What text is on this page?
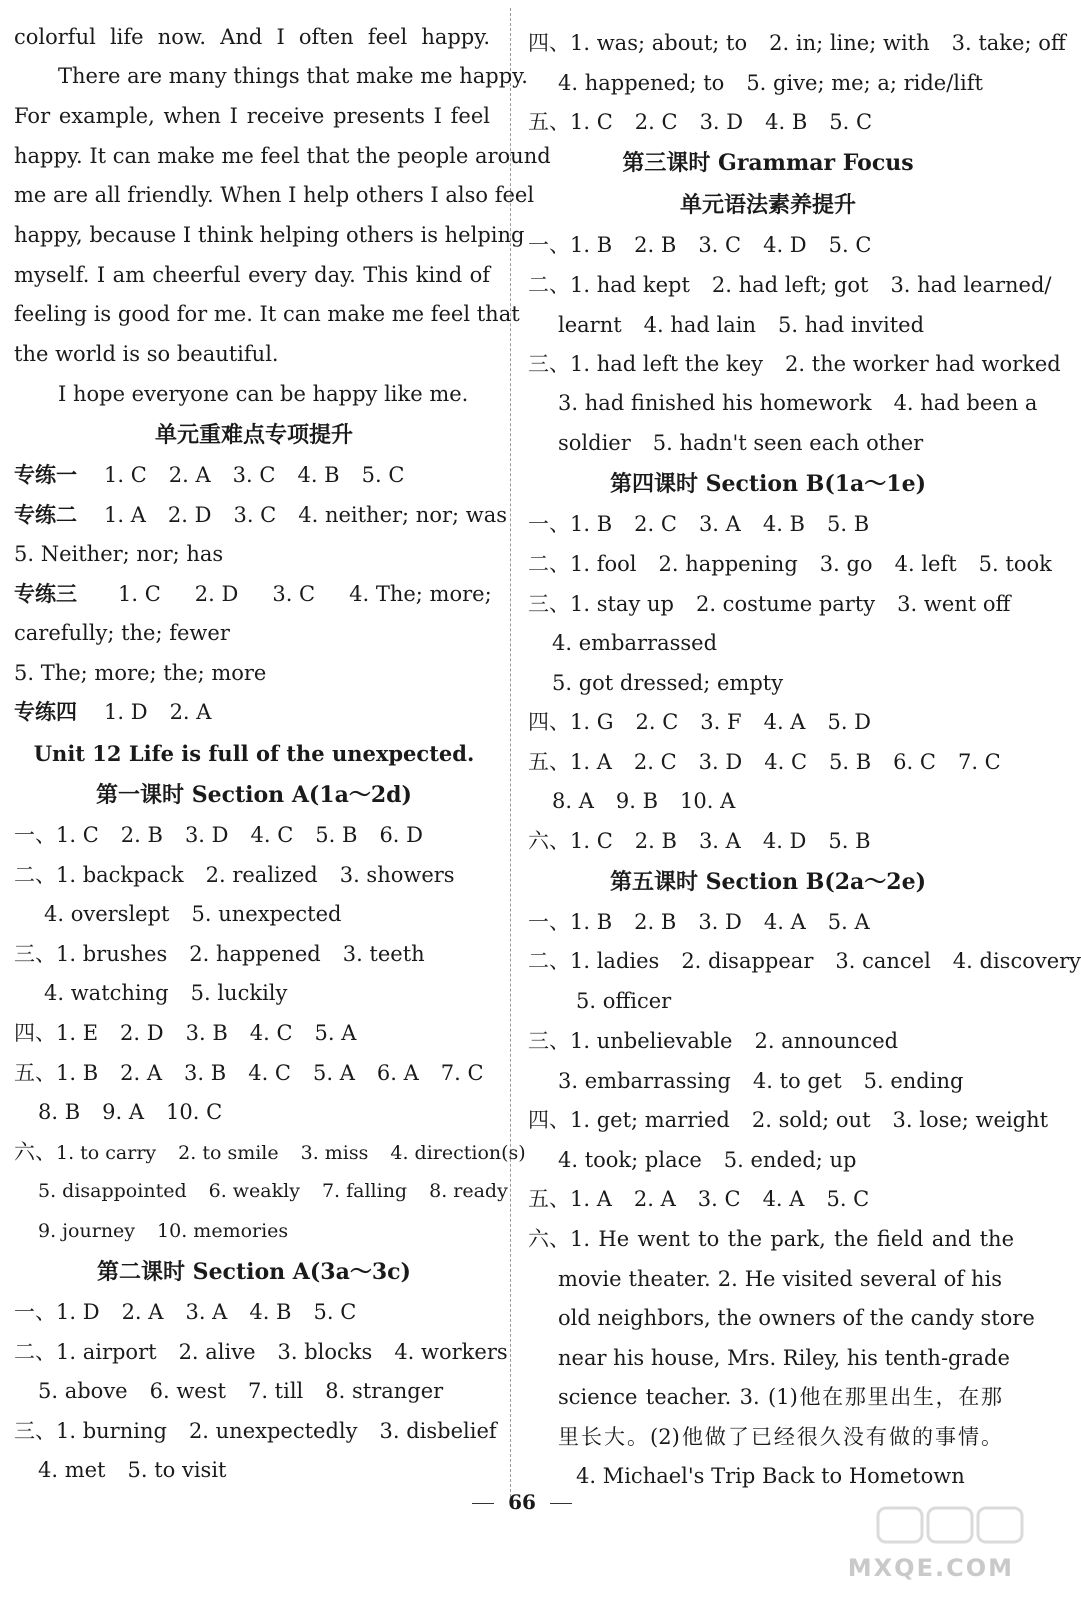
colorful life now. And I often feel happy.
There are many things that make me happy.
For example, when I receive presents I feel
happy. It can make me feel that the people around
me are all friendly. When I help others I also feel
happy, because I think helping others is helping
myself. I am cheerful every day. This kind of
feeling is good for me. It can make me feel that
the world is so beautiful.
I hope everyone can be happy like me.
单元重难点专项提升
专练一 1. C 2. A 3. C 4. B 5. C
专练二 1. A 2. D 3. C 4. neither; nor; was
5. Neither; nor; has
专练三 1. C 2. D 3. C 4. The; more;
carefully; the; fewer
5. The; more; the; more
专练四 1. D 2. A
Unit 12 Life is full of the unexpected.
第一课时 Section A(1a～2d)
一、1. C 2. B 3. D 4. C 5. B 6. D
二、1. backpack 2. realized 3. showers
4. overslept 5. unexpected
三、1. brushes 2. happened 3. teeth
4. watching 5. luckily
四、1. E 2. D 3. B 4. C 5. A
五、1. B 2. A 3. B 4. C 5. A 6. A 7. C
8. B 9. A 10. C
六、1. to carry 2. to smile 3. miss 4. direction(s)
5. disappointed 6. weakly 7. falling 8. ready
9. journey 10. memories
第二课时 Section A(3a～3c)
一、1. D 2. A 3. A 4. B 5. C
二、1. airport 2. alive 3. blocks 4. workers
5. above 6. west 7. till 8. stranger
三、1. burning 2. unexpectedly 3. disbelief
4. met 5. to visit
四、1. was; about; to 2. in; line; with 3. take; off
4. happened; to 5. give; me; a; ride/lift
五、1. C 2. C 3. D 4. B 5. C
第三课时 Grammar Focus
单元语法素养提升
一、1. B 2. B 3. C 4. D 5. C
二、1. had kept 2. had left; got 3. had learned/
learnt 4. had lain 5. had invited
三、1. had left the key 2. the worker had worked
3. had finished his homework 4. had been a
soldier 5. hadn't seen each other
第四课时 Section B(1a～1e)
一、1. B 2. C 3. A 4. B 5. B
二、1. fool 2. happening 3. go 4. left 5. took
三、1. stay up 2. costume party 3. went off
4. embarrassed
5. got dressed; empty
四、1. G 2. C 3. F 4. A 5. D
五、1. A 2. C 3. D 4. C 5. B 6. C 7. C
8. A 9. B 10. A
六、1. C 2. B 3. A 4. D 5. B
第五课时 Section B(2a～2e)
一、1. B 2. B 3. D 4. A 5. A
二、1. ladies 2. disappear 3. cancel 4. discovery
5. officer
三、1. unbelievable 2. announced
3. embarrassing 4. to get 5. ending
四、1. get; married 2. sold; out 3. lose; weight
4. took; place 5. ended; up
五、1. A 2. A 3. C 4. A 5. C
六、1. He went to the park, the field and the
movie theater. 2. He visited several of his
old neighbors, the owners of the candy store
near his house, Mrs. Riley, his tenth-grade
science teacher. 3. (1)他在那里出生，在那
里长大。(2)他做了已经很久没有做的事情。
4. Michael's Trip Back to Hometown
66
MXQE.COM
